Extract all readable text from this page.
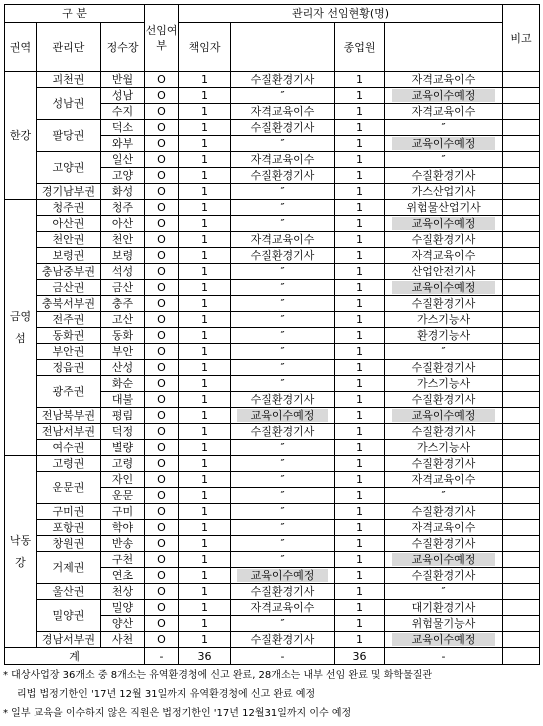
구 분			선임여부	관리자 선임현황(명)				비고
권역	관리단	정수장		책임자		종업원		
한강	괴천권	반월	O	1	수질환경기사	1	자격교육이수	
	성남권	성남	O	1	″	1	교육이수예정	
		수지	O	1	자격교육이수	1	자격교육이수	
	팔당권	덕소	O	1	수질환경기사	1	″	
		와부	O	1	″	1	교육이수예정	
	고양권	일산	O	1	자격교육이수	1	″	
		고양	O	1	수질환경기사	1	수질환경기사	
	경기남부권	화성	O	1	″	1	가스산업기사	
금영섬	청주권	청주	O	1	″	1	위험물산업기사	
	아산권	아산	O	1	″	1	교육이수예정	
	천안권	천안	O	1	자격교육이수	1	수질환경기사	
	보령권	보령	O	1	수질환경기사	1	자격교육이수	
	충남중부권	석성	O	1	″	1	산업안전기사	
	금산권	금산	O	1	″	1	교육이수예정	
	충북서부권	충주	O	1	″	1	수질환경기사	
	전주권	고산	O	1	″	1	가스기능사	
	동화권	동화	O	1	″	1	환경기능사	
	부안권	부안	O	1	″	1	″	
	정읍권	산성	O	1	″	1	수질환경기사	
	광주권	화순	O	1	″	1	가스기능사	
		대불	O	1	수질환경기사	1	수질환경기사	
	전남북부권	평림	O	1	교육이수예정	1	교육이수예정	
	전남서부권	덕정	O	1	수질환경기사	1	수질환경기사	
	여수권	별량	O	1	″	1	가스기능사	
낙동강	고령권	고령	O	1	″	1	수질환경기사	
	운문권	자인	O	1	″	1	자격교육이수	
		운문	O	1	″	1	″	
	구미권	구미	O	1	″	1	수질환경기사	
	포항권	학야	O	1	″	1	자격교육이수	
	창원권	반송	O	1	″	1	수질환경기사	
	거제권	구천	O	1	″	1	교육이수예정	
		연초	O	1	교육이수예정	1	수질환경기사	
	울산권	천상	O	1	수질환경기사	1	″	
	밀양권	밀양	O	1	자격교육이수	1	대기환경기사	
		양산	O	1	″	1	위험물기능사	
	경남서부권	사천	O	1	수질환경기사	1	교육이수예정	
계			-	36	-	36	-	

* 대상사업장 36개소 중 8개소는 유역환경청에 신고 완료, 28개소는 내부 선임 완료 및 화학물질관

리법 법정기한인 '17년 12월 31일까지 유역환경청에 신고 완료 예정

* 일부 교육을 이수하지 않은 직원은 법정기한인 '17년 12월31일까지 이수 예정
